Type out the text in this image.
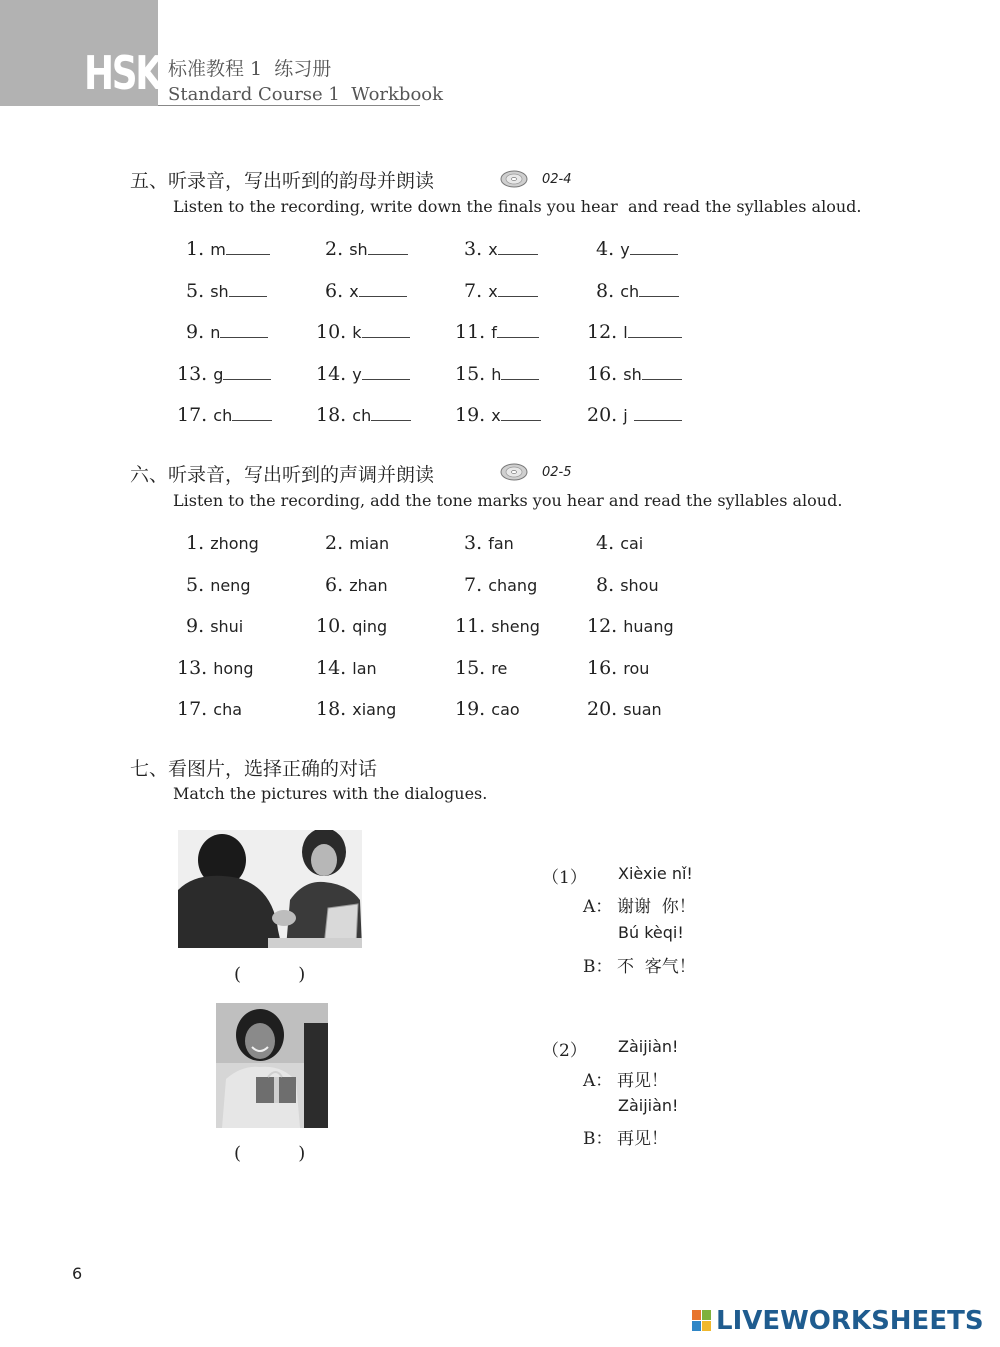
HSK 标准教程 1  练习册
Standard Course 1  Workbook
五、听录音，写出听到的韵母并朗读	02-4
Listen to the recording, write down the finals you hear  and read the syllables aloud.
1. m	2. sh	3. x	4. y
5. sh	6. x	7. x	8. ch
9. n	10. k	11. f	12. l
13. g	14. y	15. h	16. sh
17. ch	18. ch	19. x	20. j
六、听录音，写出听到的声调并朗读	02-5
Listen to the recording, add the tone marks you hear and read the syllables aloud.
1. zhong	2. mian	3. fan	4. cai
5. neng	6. zhan	7. chang	8. shou
9. shui	10. qing	11. sheng 12. huang
13. hong	14. lan	15. re	16. rou
17. cha	18. xiang	19. cao	20. suan
七、看图片，选择正确的对话
Match the pictures with the dialogues.
(          )
(          )
（1） Xièxie nǐ!
A： 谢谢  你！
Bú kèqi!
B： 不  客气！
（2） Zàijiàn!
A： 再见！
Zàijiàn!
B： 再见！
6
LIVEWORKSHEETS
